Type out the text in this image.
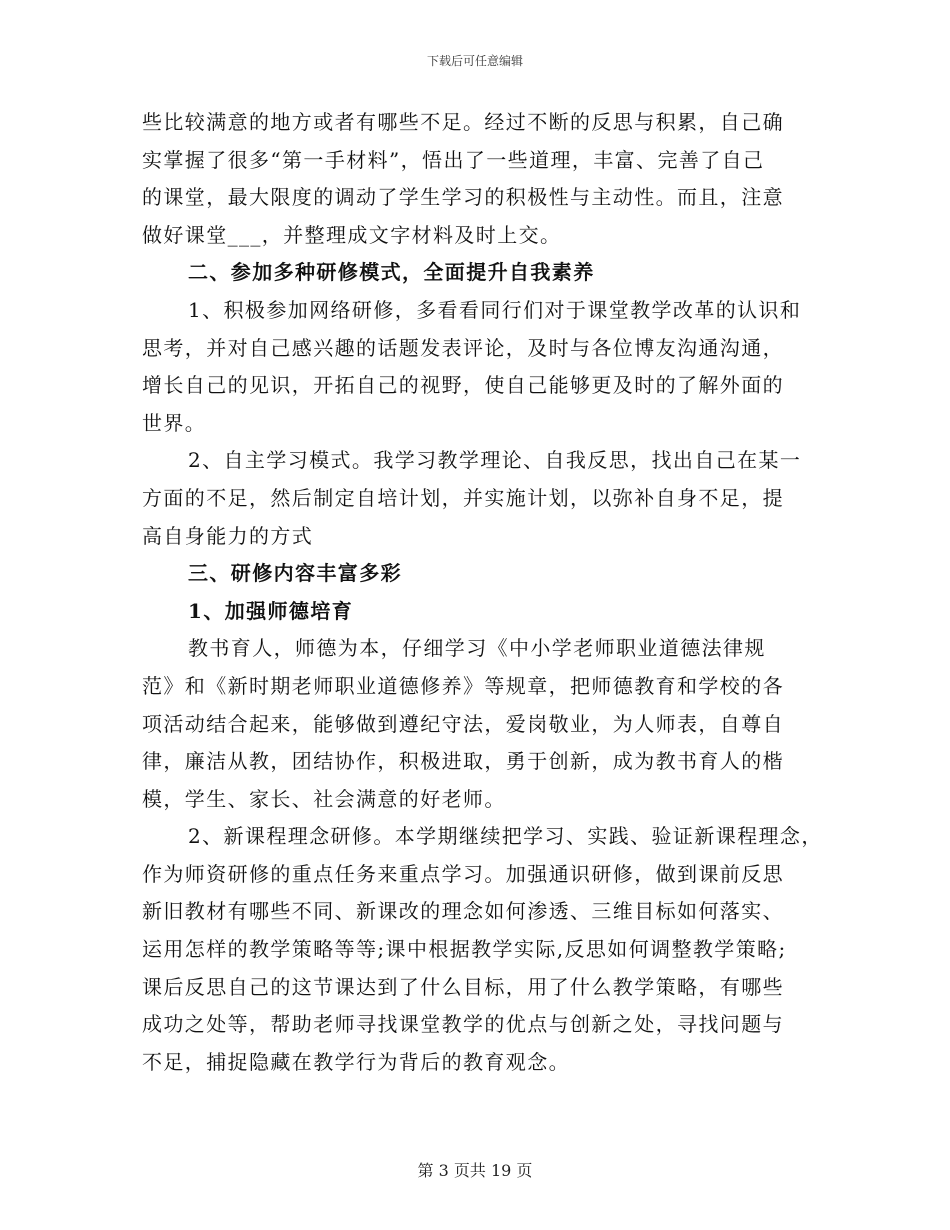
下载后可任意编辑
些比较满意的地方或者有哪些不足。经过不断的反思与积累，自己确
实掌握了很多“第一手材料”，悟出了一些道理，丰富、完善了自己
的课堂，最大限度的调动了学生学习的积极性与主动性。而且，注意
做好课堂___，并整理成文字材料及时上交。
二、参加多种研修模式，全面提升自我素养
1、积极参加网络研修，多看看同行们对于课堂教学改革的认识和
思考，并对自己感兴趣的话题发表评论，及时与各位博友沟通沟通，
增长自己的见识，开拓自己的视野，使自己能够更及时的了解外面的
世界。
2、自主学习模式。我学习教学理论、自我反思，找出自己在某一
方面的不足，然后制定自培计划，并实施计划，以弥补自身不足，提
高自身能力的方式
三、研修内容丰富多彩
1、加强师德培育
教书育人，师德为本，仔细学习《中小学老师职业道德法律规
范》和《新时期老师职业道德修养》等规章，把师德教育和学校的各
项活动结合起来，能够做到遵纪守法，爱岗敬业，为人师表，自尊自
律，廉洁从教，团结协作，积极进取，勇于创新，成为教书育人的楷
模，学生、家长、社会满意的好老师。
2、新课程理念研修。本学期继续把学习、实践、验证新课程理念，
作为师资研修的重点任务来重点学习。加强通识研修，做到课前反思
新旧教材有哪些不同、新课改的理念如何渗透、三维目标如何落实、
运用怎样的教学策略等等;课中根据教学实际,反思如何调整教学策略;
课后反思自己的这节课达到了什么目标，用了什么教学策略，有哪些
成功之处等，帮助老师寻找课堂教学的优点与创新之处，寻找问题与
不足，捕捉隐藏在教学行为背后的教育观念。
第 3 页共 19 页
